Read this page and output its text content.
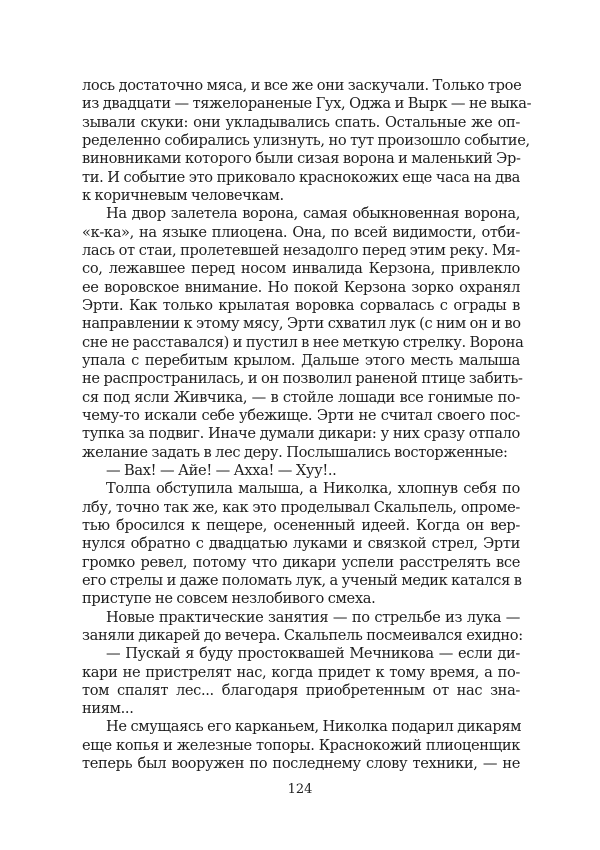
лось достаточно мяса, и все же они заскучали. Только трое
из двадцати — тяжелораненые Гух, Оджа и Вырк — не выка-
зывали скуки: они укладывались спать. Остальные же оп-
ределенно собирались улизнуть, но тут произошло событие,
виновниками которого были сизая ворона и маленький Эр-
ти. И событие это приковало краснокожих еще часа на два
к коричневым человечкам.
На двор залетела ворона, самая обыкновенная ворона,
«к-ка», на языке плиоцена. Она, по всей видимости, отби-
лась от стаи, пролетевшей незадолго перед этим реку. Мя-
со, лежавшее перед носом инвалида Керзона, привлекло
ее воровское внимание. Но покой Керзона зорко охранял
Эрти. Как только крылатая воровка сорвалась с ограды в
направлении к этому мясу, Эрти схватил лук (с ним он и во
сне не расставался) и пустил в нее меткую стрелку. Ворона
упала с перебитым крылом. Дальше этого месть малыша
не распространилась, и он позволил раненой птице забить-
ся под ясли Живчика, — в стойле лошади все гонимые по-
чему-то искали себе убежище. Эрти не считал своего пос-
тупка за подвиг. Иначе думали дикари: у них сразу отпало
желание задать в лес деру. Послышались восторженные:
— Вах! — Айе! — Ахха! — Хуу!..
Толпа обступила малыша, а Николка, хлопнув себя по
лбу, точно так же, как это проделывал Скальпель, опроме-
тью бросился к пещере, осененный идеей. Когда он вер-
нулся обратно с двадцатью луками и связкой стрел, Эрти
громко ревел, потому что дикари успели расстрелять все
его стрелы и даже поломать лук, а ученый медик катался в
приступе не совсем незлобивого смеха.
Новые практические занятия — по стрельбе из лука —
заняли дикарей до вечера. Скальпель посмеивался ехидно:
— Пускай я буду простоквашей Мечникова — если ди-
кари не пристрелят нас, когда придет к тому время, а по-
том спалят лес... благодаря приобретенным от нас зна-
ниям...
Не смущаясь его карканьем, Николка подарил дикарям
еще копья и железные топоры. Краснокожий плиоценщик
теперь был вооружен по последнему слову техники, — не
124
